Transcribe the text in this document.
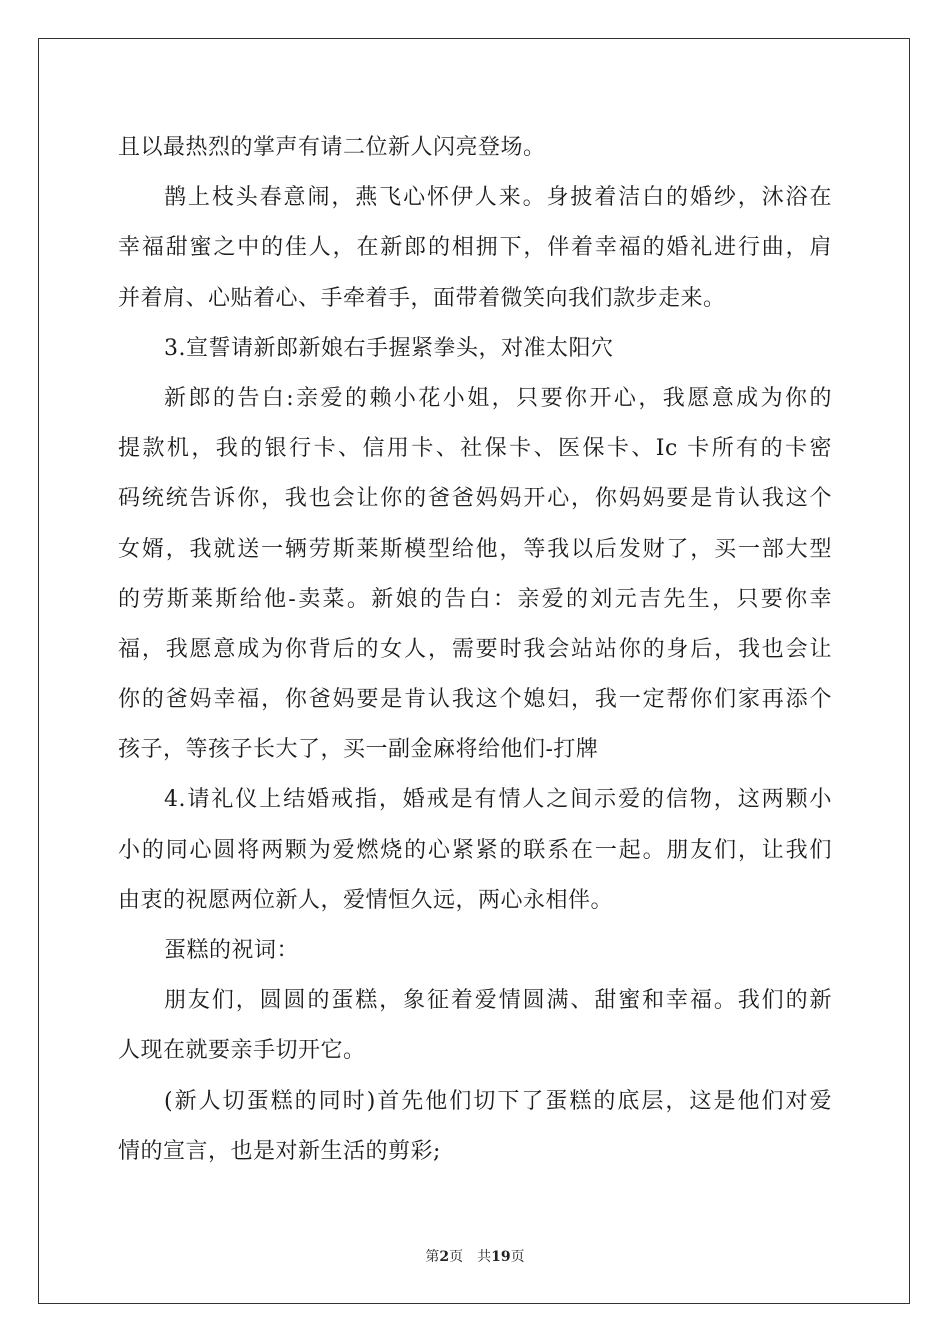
且以最热烈的掌声有请二位新人闪亮登场。
鹊上枝头春意闹，燕飞心怀伊人来。身披着洁白的婚纱，沐浴在
幸福甜蜜之中的佳人，在新郎的相拥下，伴着幸福的婚礼进行曲，肩
并着肩、心贴着心、手牵着手，面带着微笑向我们款步走来。
3.宣誓请新郎新娘右手握紧拳头，对准太阳穴
新郎的告白:亲爱的赖小花小姐，只要你开心，我愿意成为你的
提款机，我的银行卡、信用卡、社保卡、医保卡、Ic 卡所有的卡密
码统统告诉你，我也会让你的爸爸妈妈开心，你妈妈要是肯认我这个
女婿，我就送一辆劳斯莱斯模型给他，等我以后发财了，买一部大型
的劳斯莱斯给他-卖菜。新娘的告白：亲爱的刘元吉先生，只要你幸
福，我愿意成为你背后的女人，需要时我会站站你的身后，我也会让
你的爸妈幸福，你爸妈要是肯认我这个媳妇，我一定帮你们家再添个
孩子，等孩子长大了，买一副金麻将给他们-打牌
4.请礼仪上结婚戒指，婚戒是有情人之间示爱的信物，这两颗小
小的同心圆将两颗为爱燃烧的心紧紧的联系在一起。朋友们，让我们
由衷的祝愿两位新人，爱情恒久远，两心永相伴。
蛋糕的祝词：
朋友们，圆圆的蛋糕，象征着爱情圆满、甜蜜和幸福。我们的新
人现在就要亲手切开它。
(新人切蛋糕的同时)首先他们切下了蛋糕的底层，这是他们对爱
情的宣言，也是对新生活的剪彩;
第2页 共19页
